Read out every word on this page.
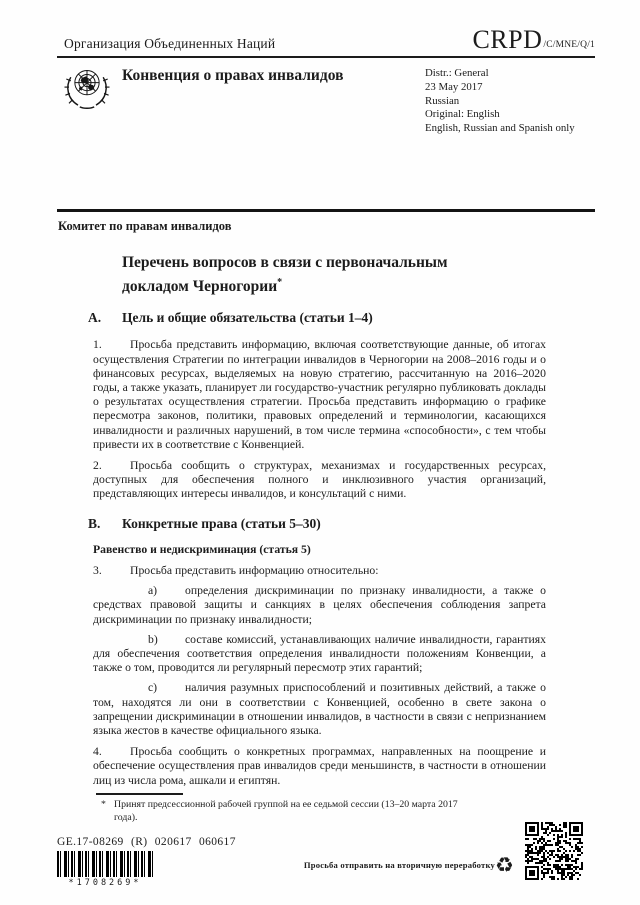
Организация Объединенных Наций	CRPD /C/MNE/Q/1
Конвенция о правах инвалидов	Distr.: General
23 May 2017
Russian
Original: English
English, Russian and Spanish only
Комитет по правам инвалидов
Перечень вопросов в связи с первоначальным докладом Черногории*
A.	Цель и общие обязательства (статьи 1–4)

1. Просьба представить информацию, включая соответствующие данные, об итогах осуществления Стратегии по интеграции инвалидов в Черногории на 2008–2016 годы и о финансовых ресурсах, выделяемых на новую стратегию, рассчитанную на 2016–2020 годы, а также указать, планирует ли государство-участник регулярно публиковать доклады о результатах осуществления стратегии. Просьба представить информацию о графике пересмотра законов, политики, правовых определений и терминологии, касающихся инвалидности и различных нарушений, в том числе термина «способности», с тем чтобы привести их в соответствие с Конвенцией.

2. Просьба сообщить о структурах, механизмах и государственных ресурсах, доступных для обеспечения полного и инклюзивного участия организаций, представляющих интересы инвалидов, и консультаций с ними.

B.	Конкретные права (статьи 5–30)
Равенство и недискриминация (статья 5)

3. Просьба представить информацию относительно:

a) определения дискриминации по признаку инвалидности, а также о средствах правовой защиты и санкциях в целях обеспечения соблюдения запрета дискриминации по признаку инвалидности;

b) составе комиссий, устанавливающих наличие инвалидности, гарантиях для обеспечения соответствия определения инвалидности положениям Конвенции, а также о том, проводится ли регулярный пересмотр этих гарантий;

c) наличия разумных приспособлений и позитивных действий, а также о том, находятся ли они в соответствии с Конвенцией, особенно в свете закона о запрещении дискриминации в отношении инвалидов, в частности в связи с непризнанием языка жестов в качестве официального языка.

4. Просьба сообщить о конкретных программах, направленных на поощрение и обеспечение осуществления прав инвалидов среди меньшинств, в частности в отношении лиц из числа рома, ашкали и египтян.

* Принят предсессионной рабочей группой на ее седьмой сессии (13–20 марта 2017 года).
GE.17-08269 (R) 020617 060617
*1708269*
Просьба отправить на вторичную переработку ♻
